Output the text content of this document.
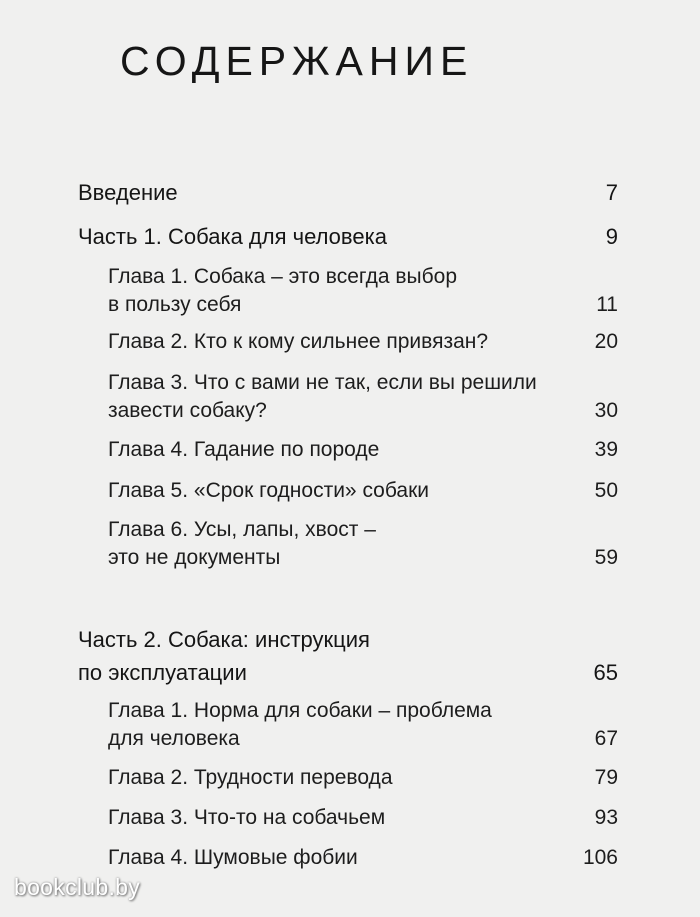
СОДЕРЖАНИЕ
Введение	7
Часть 1. Собака для человека	9
Глава 1. Собака – это всегда выбор
в пользу себя	11
Глава 2. Кто к кому сильнее привязан?	20
Глава 3. Что с вами не так, если вы решили
завести собаку?	30
Глава 4. Гадание по породе	39
Глава 5. «Срок годности» собаки	50
Глава 6. Усы, лапы, хвост –
это не документы	59
Часть 2. Собака: инструкция
по эксплуатации	65
Глава 1. Норма для собаки – проблема
для человека	67
Глава 2. Трудности перевода	79
Глава 3. Что-то на собачьем	93
Глава 4. Шумовые фобии	106
bookclub.by
